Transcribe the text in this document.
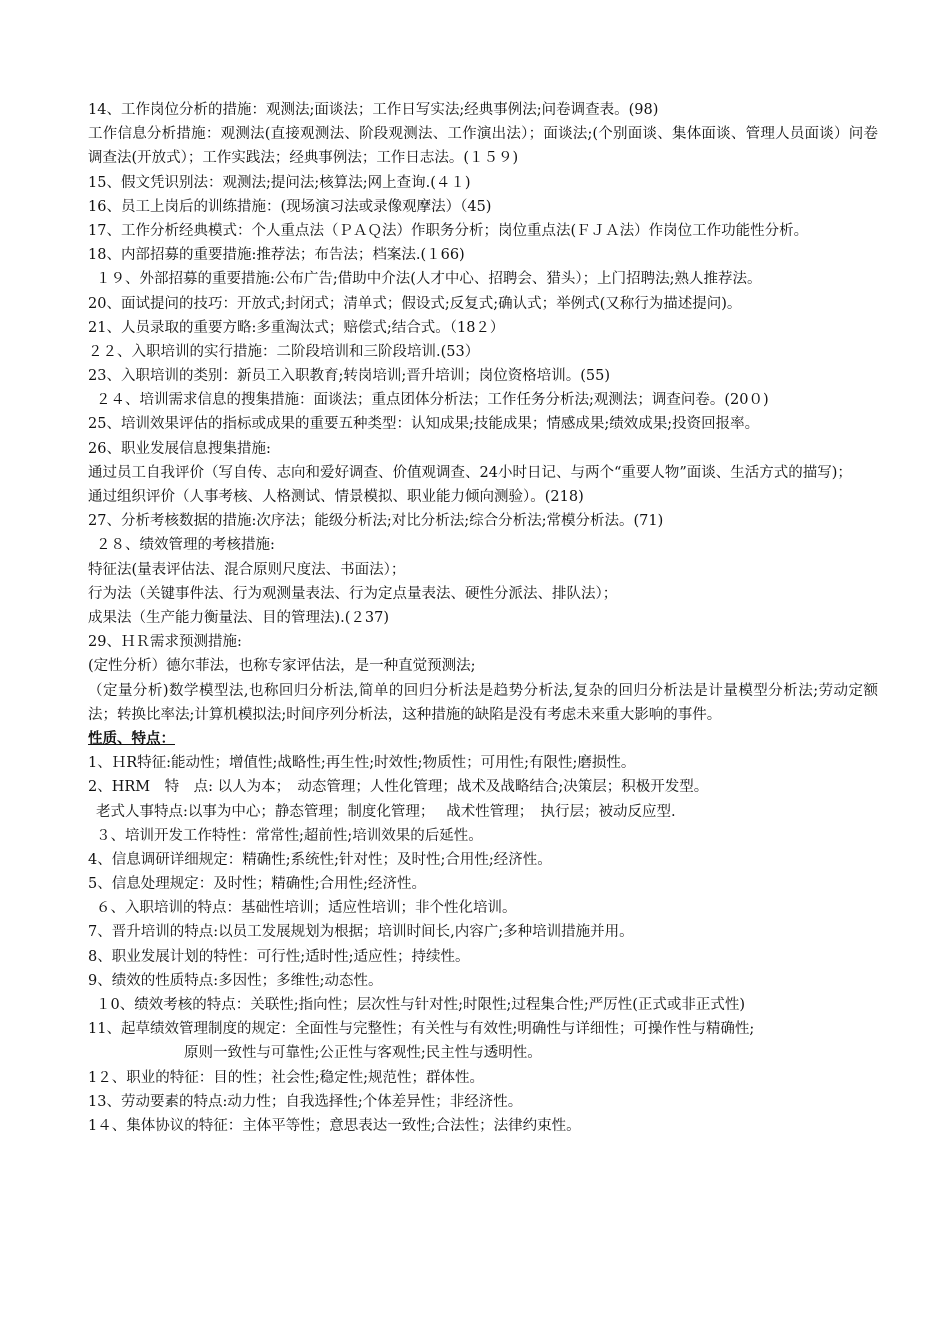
14、工作岗位分析的措施：观测法;面谈法；工作日写实法;经典事例法;问卷调查表。(98)
工作信息分析措施：观测法(直接观测法、阶段观测法、工作演出法）；面谈法;(个别面谈、集体面谈、管理人员面谈）问卷调查法(开放式）；工作实践法；经典事例法；工作日志法。(１５９)
15、假文凭识别法：观测法;提问法;核算法;网上查询.(４１)
16、员工上岗后的训练措施：(现场演习法或录像观摩法）（45)
17、工作分析经典模式：个人重点法（ＰＡＱ法）作职务分析；岗位重点法(ＦＪＡ法）作岗位工作功能性分析。
18、内部招募的重要措施:推荐法；布告法；档案法.(１66)
１９、外部招募的重要措施:公布广告;借助中介法(人才中心、招聘会、猎头）；上门招聘法;熟人推荐法。
20、面试提问的技巧：开放式;封闭式；清单式；假设式;反复式;确认式；举例式(又称行为描述提问)。
21、人员录取的重要方略:多重淘汰式；赔偿式;结合式。（18２）
２２、入职培训的实行措施：二阶段培训和三阶段培训.(53）
23、入职培训的类别：新员工入职教育;转岗培训;晋升培训；岗位资格培训。(55)
２４、培训需求信息的搜集措施：面谈法；重点团体分析法；工作任务分析法;观测法；调查问卷。(20０)
25、培训效果评估的指标或成果的重要五种类型：认知成果;技能成果；情感成果;绩效成果;投资回报率。
26、职业发展信息搜集措施:
通过员工自我评价（写自传、志向和爱好调查、价值观调查、24小时日记、与两个“重要人物”面谈、生活方式的描写)；
通过组织评价（人事考核、人格测试、情景模拟、职业能力倾向测验）。(218)
27、分析考核数据的措施:次序法；能级分析法;对比分析法;综合分析法;常模分析法。(71)
２８、绩效管理的考核措施:
特征法(量表评估法、混合原则尺度法、书面法）；
行为法（关键事件法、行为观测量表法、行为定点量表法、硬性分派法、排队法）；
成果法（生产能力衡量法、目的管理法).(２37)
29、ＨＲ需求预测措施:
(定性分析）德尔菲法，也称专家评估法，是一种直觉预测法;
（定量分析)数学模型法,也称回归分析法,简单的回归分析法是趋势分析法,复杂的回归分析法是计量模型分析法;劳动定额法；转换比率法;计算机模拟法;时间序列分析法，这种措施的缺陷是没有考虑未来重大影响的事件。
性质、特点：
1、ＨR特征:能动性；增值性;战略性;再生性;时效性;物质性；可用性;有限性;磨损性。
2、HRM　特　点: 以人为本；　动态管理；人性化管理；战术及战略结合;决策层；积极开发型。
老式人事特点:以事为中心；静态管理；制度化管理；　 战术性管理；　执行层；被动反应型.
３、培训开发工作特性：常常性;超前性;培训效果的后延性。
4、信息调研详细规定：精确性;系统性;针对性；及时性;合用性;经济性。
5、信息处理规定：及时性；精确性;合用性;经济性。
６、入职培训的特点：基础性培训；适应性培训；非个性化培训。
7、晋升培训的特点:以员工发展规划为根据；培训时间长,内容广;多种培训措施并用。
8、职业发展计划的特性：可行性;适时性;适应性；持续性。
9、绩效的性质特点:多因性；多维性;动态性。
１0、绩效考核的特点：关联性;指向性；层次性与针对性;时限性;过程集合性;严厉性(正式或非正式性)
11、起草绩效管理制度的规定：全面性与完整性；有关性与有效性;明确性与详细性；可操作性与精确性;
原则一致性与可靠性;公正性与客观性;民主性与透明性。
1２、职业的特征：目的性；社会性;稳定性;规范性；群体性。
13、劳动要素的特点:动力性；自我选择性;个体差异性；非经济性。
1４、集体协议的特征：主体平等性；意思表达一致性;合法性；法律约束性。
